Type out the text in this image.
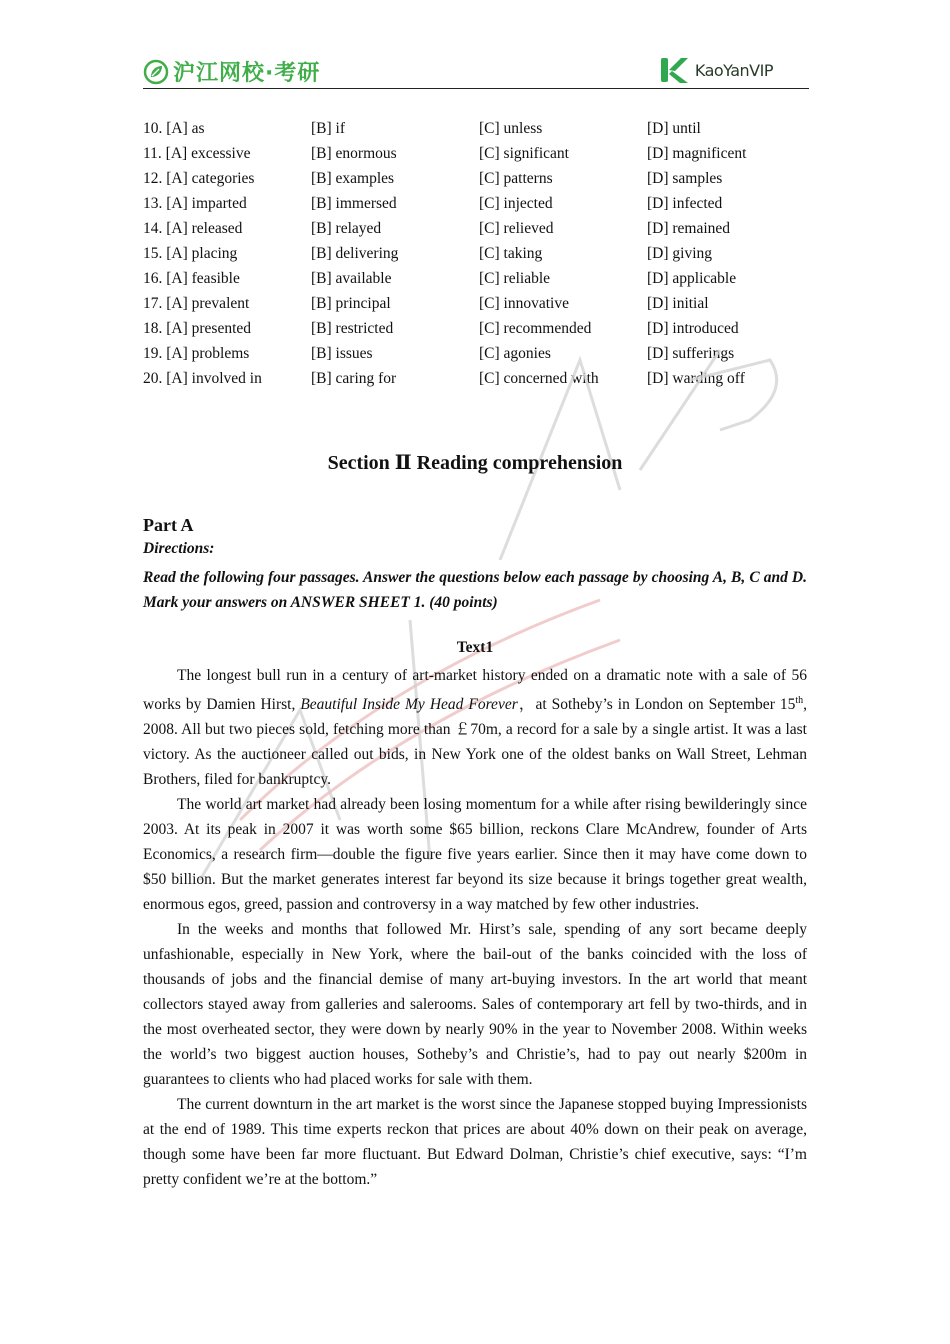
沪江网校·考研	KaoYanVIP
10. [A] as	[B] if	[C] unless	[D] until
11. [A] excessive	[B] enormous	[C] significant	[D] magnificent
12. [A] categories	[B] examples	[C] patterns	[D] samples
13. [A] imparted	[B] immersed	[C] injected	[D] infected
14. [A] released	[B] relayed	[C] relieved	[D] remained
15. [A] placing	[B] delivering	[C] taking	[D] giving
16. [A] feasible	[B] available	[C] reliable	[D] applicable
17. [A] prevalent	[B] principal	[C] innovative	[D] initial
18. [A] presented	[B] restricted	[C] recommended	[D] introduced
19. [A] problems	[B] issues	[C] agonies	[D] sufferings
20. [A] involved in	[B] caring for	[C] concerned with	[D] warding off
Section Ⅱ Reading comprehension
Part A
Directions:
Read the following four passages. Answer the questions below each passage by choosing A, B, C and D. Mark your answers on ANSWER SHEET 1. (40 points)
Text1

The longest bull run in a century of art-market history ended on a dramatic note with a sale of 56 works by Damien Hirst, Beautiful Inside My Head Forever，at Sotheby’s in London on September 15th, 2008. All but two pieces sold, fetching more than ￡70m, a record for a sale by a single artist. It was a last victory. As the auctioneer called out bids, in New York one of the oldest banks on Wall Street, Lehman Brothers, filed for bankruptcy.

The world art market had already been losing momentum for a while after rising bewilderingly since 2003. At its peak in 2007 it was worth some $65 billion, reckons Clare McAndrew, founder of Arts Economics, a research firm—double the figure five years earlier. Since then it may have come down to $50 billion. But the market generates interest far beyond its size because it brings together great wealth, enormous egos, greed, passion and controversy in a way matched by few other industries.

In the weeks and months that followed Mr. Hirst’s sale, spending of any sort became deeply unfashionable, especially in New York, where the bail-out of the banks coincided with the loss of thousands of jobs and the financial demise of many art-buying investors. In the art world that meant collectors stayed away from galleries and salerooms. Sales of contemporary art fell by two-thirds, and in the most overheated sector, they were down by nearly 90% in the year to November 2008. Within weeks the world’s two biggest auction houses, Sotheby’s and Christie’s, had to pay out nearly $200m in guarantees to clients who had placed works for sale with them.

The current downturn in the art market is the worst since the Japanese stopped buying Impressionists at the end of 1989. This time experts reckon that prices are about 40% down on their peak on average, though some have been far more fluctuant. But Edward Dolman, Christie’s chief executive, says: “I’m pretty confident we’re at the bottom.”
